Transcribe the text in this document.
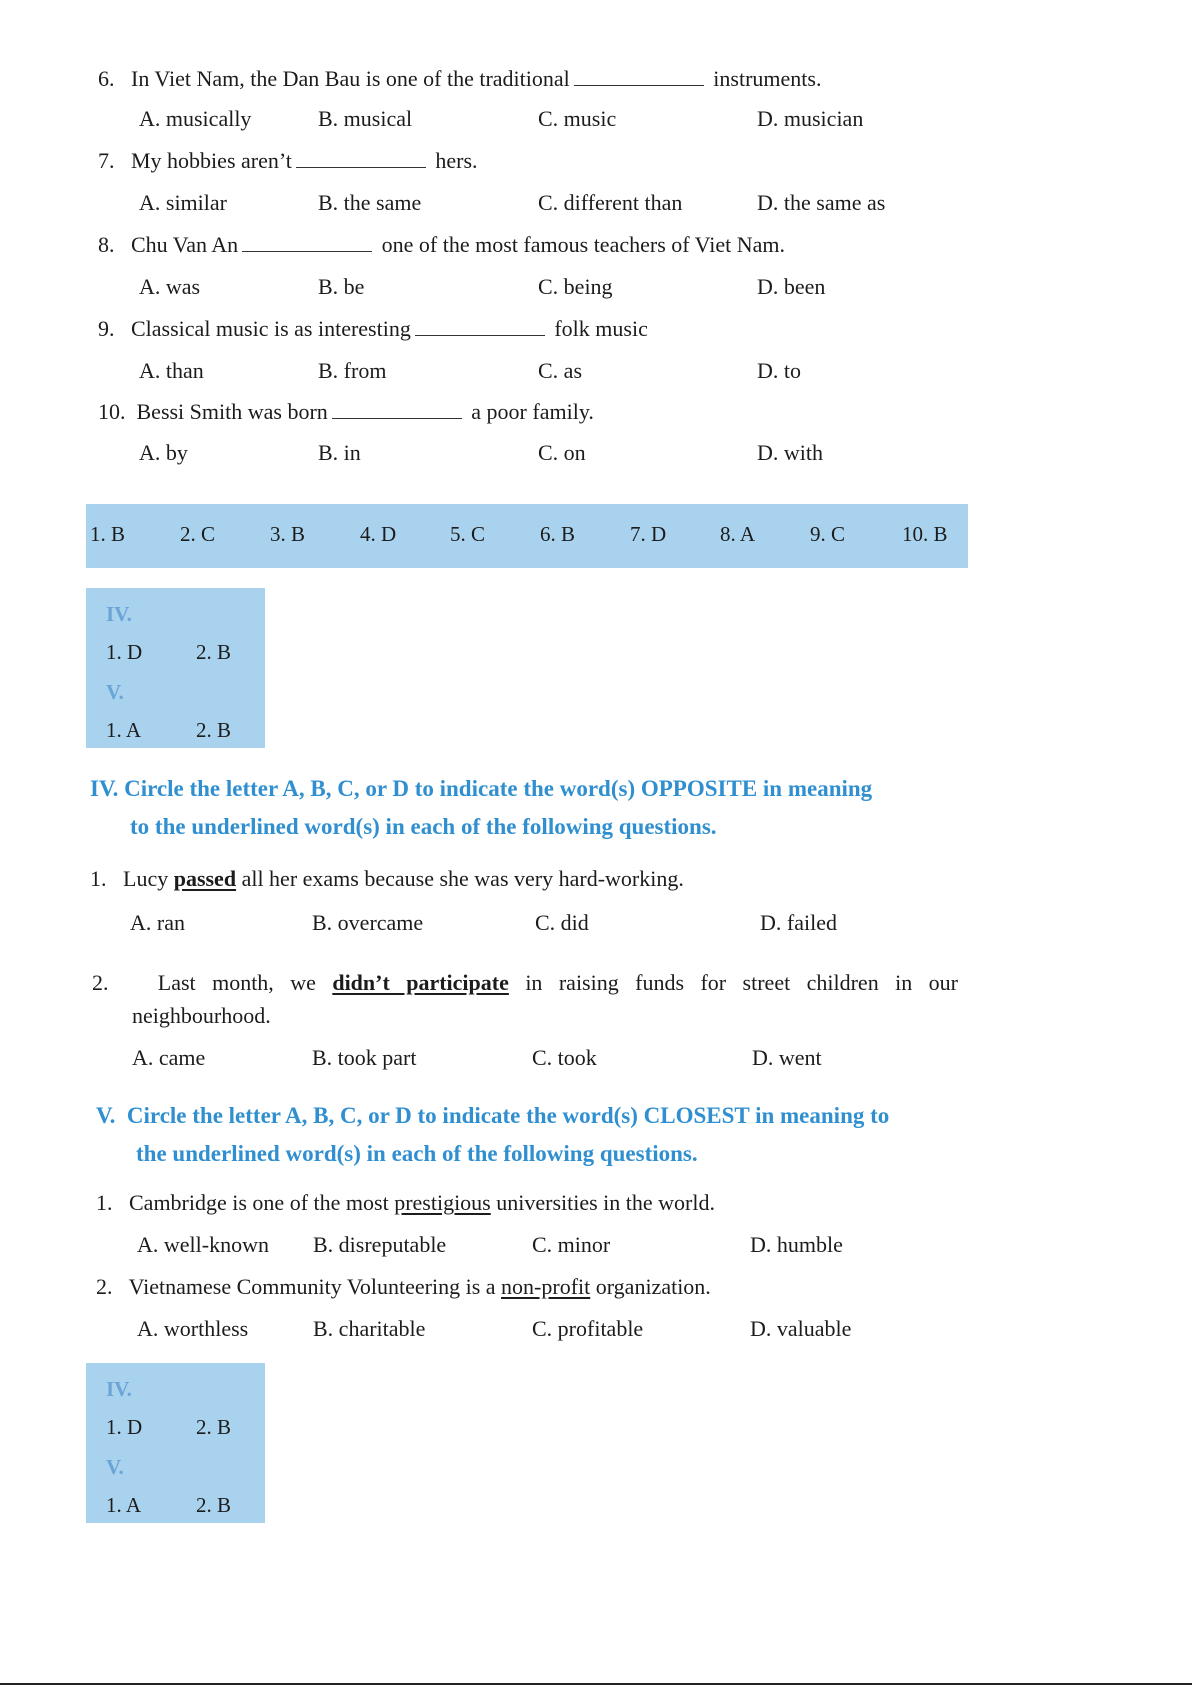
6. In Viet Nam, the Dan Bau is one of the traditional	instruments.
A. musically	B. musical	C. music	D. musician
7. My hobbies aren’t	hers.
A. similar	B. the same	C. different than	D. the same as
8. Chu Van An	one of the most famous teachers of Viet Nam.
A. was	B. be	C. being	D. been
9. Classical music is as interesting	folk music
A. than	B. from	C. as	D. to
10. Bessi Smith was born	a poor family.
A. by	B. in	C. on	D. with
1. B	2. C	3. B	4. D	5. C	6. B	7. D	8. A	9. C	10. B
IV.
1. D	2. B
V.
1. A	2. B
IV. Circle the letter A, B, C, or D to indicate the word(s) OPPOSITE in meaning
to the underlined word(s) in each of the following questions.
1. Lucy passed all her exams because she was very hard-working.
A. ran	B. overcame	C. did	D. failed
2. Last month, we didn’t participate in raising funds for street children in our
neighbourhood.
A. came	B. took part	C. took	D. went
V.  Circle the letter A, B, C, or D to indicate the word(s) CLOSEST in meaning to
the underlined word(s) in each of the following questions.
1. Cambridge is one of the most prestigious universities in the world.
A. well-known B. disreputable	C. minor	D. humble
2. Vietnamese Community Volunteering is a non-profit organization.
A. worthless	B. charitable	C. profitable	D. valuable
IV.
1. D	2. B
V.
1. A	2. B
